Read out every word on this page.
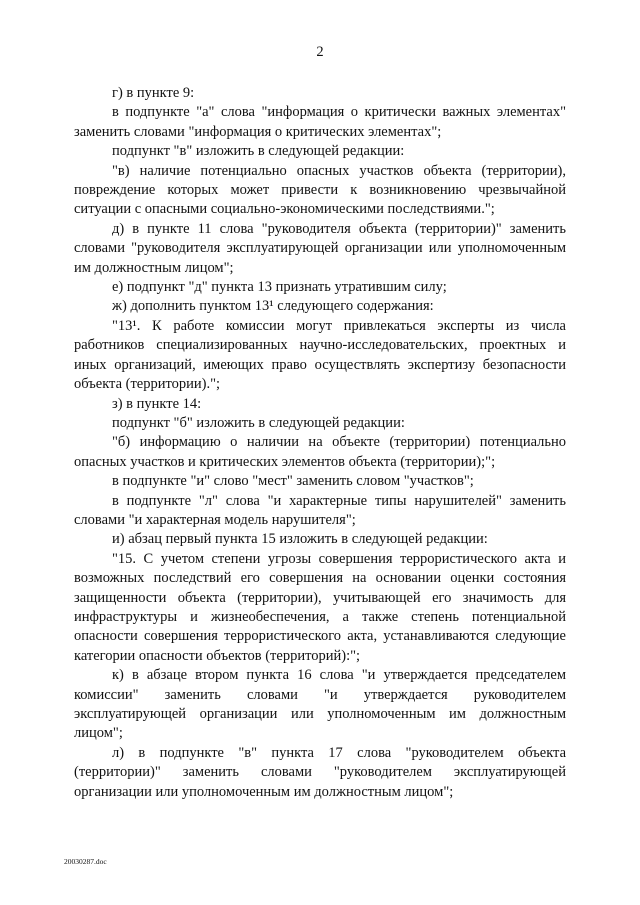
2

г) в пункте 9:

в подпункте "а" слова "информация о критически важных элементах" заменить словами "информация о критических элементах";

подпункт "в" изложить в следующей редакции:

"в) наличие потенциально опасных участков объекта (территории), повреждение которых может привести к возникновению чрезвычайной ситуации с опасными социально-экономическими последствиями.";

д) в пункте 11 слова "руководителя объекта (территории)" заменить словами "руководителя эксплуатирующей организации или уполномоченным им должностным лицом";

е) подпункт "д" пункта 13 признать утратившим силу;

ж) дополнить пунктом 13¹ следующего содержания:

"13¹. К работе комиссии могут привлекаться эксперты из числа работников специализированных научно-исследовательских, проектных и иных организаций, имеющих право осуществлять экспертизу безопасности объекта (территории).";

з) в пункте 14:

подпункт "б" изложить в следующей редакции:

"б) информацию о наличии на объекте (территории) потенциально опасных участков и критических элементов объекта (территории);";

в подпункте "и" слово "мест" заменить словом "участков";

в подпункте "л" слова "и характерные типы нарушителей" заменить словами "и характерная модель нарушителя";

и) абзац первый пункта 15 изложить в следующей редакции:

"15. С учетом степени угрозы совершения террористического акта и возможных последствий его совершения на основании оценки состояния защищенности объекта (территории), учитывающей его значимость для инфраструктуры и жизнеобеспечения, а также степень потенциальной опасности совершения террористического акта, устанавливаются следующие категории опасности объектов (территорий):";

к) в абзаце втором пункта 16 слова "и утверждается председателем комиссии" заменить словами "и утверждается руководителем эксплуатирующей организации или уполномоченным им должностным лицом";

л) в подпункте "в" пункта 17 слова "руководителем объекта (территории)" заменить словами "руководителем эксплуатирующей организации или уполномоченным им должностным лицом";

20030287.doc
